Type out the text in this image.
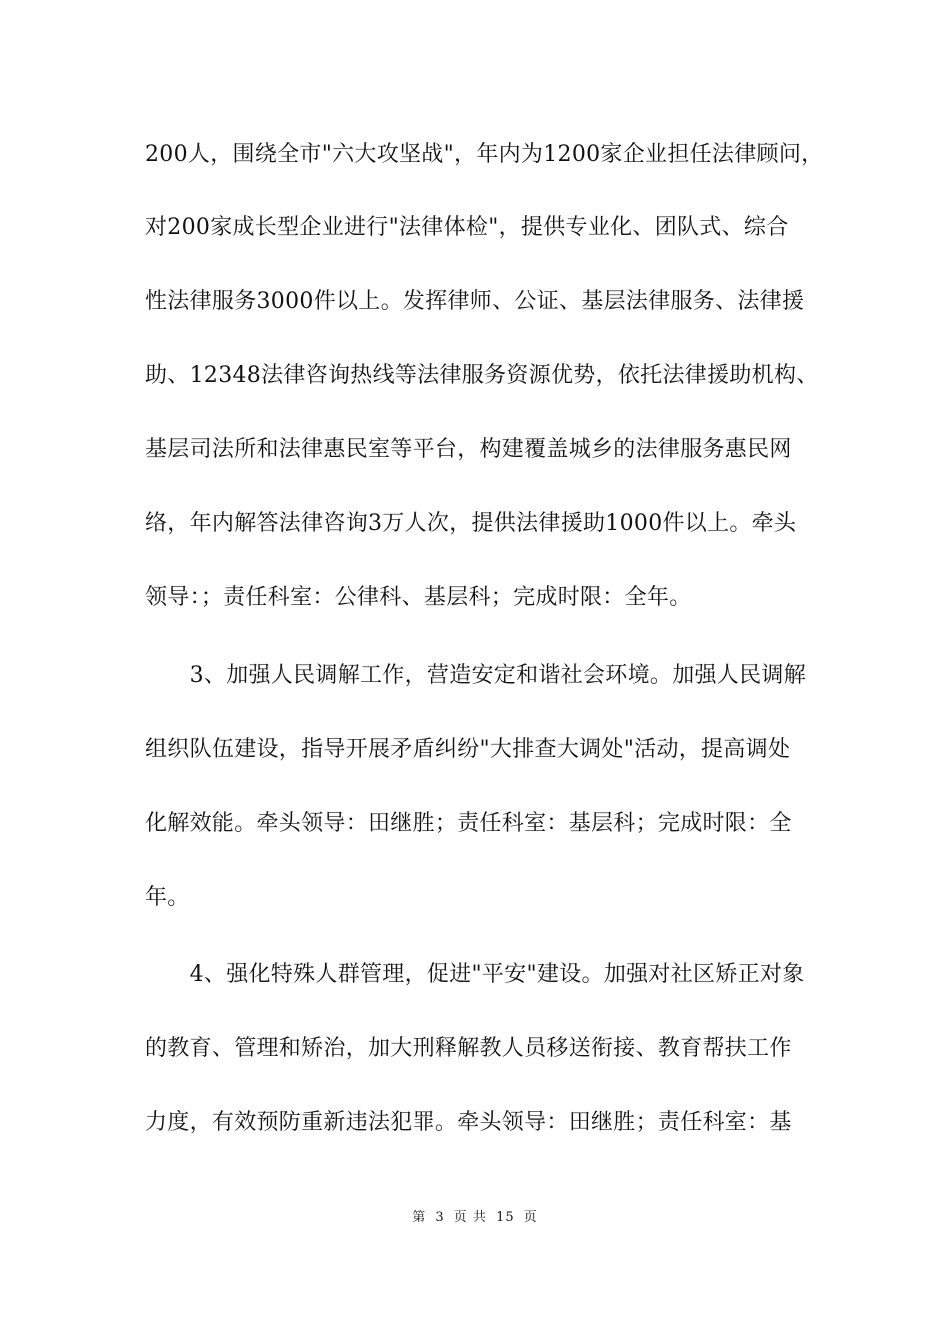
200人，围绕全市"六大攻坚战"，年内为1200家企业担任法律顾问，
对200家成长型企业进行"法律体检"，提供专业化、团队式、综合
性法律服务3000件以上。发挥律师、公证、基层法律服务、法律援
助、12348法律咨询热线等法律服务资源优势，依托法律援助机构、
基层司法所和法律惠民室等平台，构建覆盖城乡的法律服务惠民网
络，年内解答法律咨询3万人次，提供法律援助1000件以上。牵头
领导：；责任科室：公律科、基层科；完成时限：全年。
　　3、加强人民调解工作，营造安定和谐社会环境。加强人民调解
组织队伍建设，指导开展矛盾纠纷"大排查大调处"活动，提高调处
化解效能。牵头领导：田继胜；责任科室：基层科；完成时限：全
年。
　　4、强化特殊人群管理，促进"平安"建设。加强对社区矫正对象
的教育、管理和矫治，加大刑释解教人员移送衔接、教育帮扶工作
力度，有效预防重新违法犯罪。牵头领导：田继胜；责任科室：基
第 3 页 共 15 页
